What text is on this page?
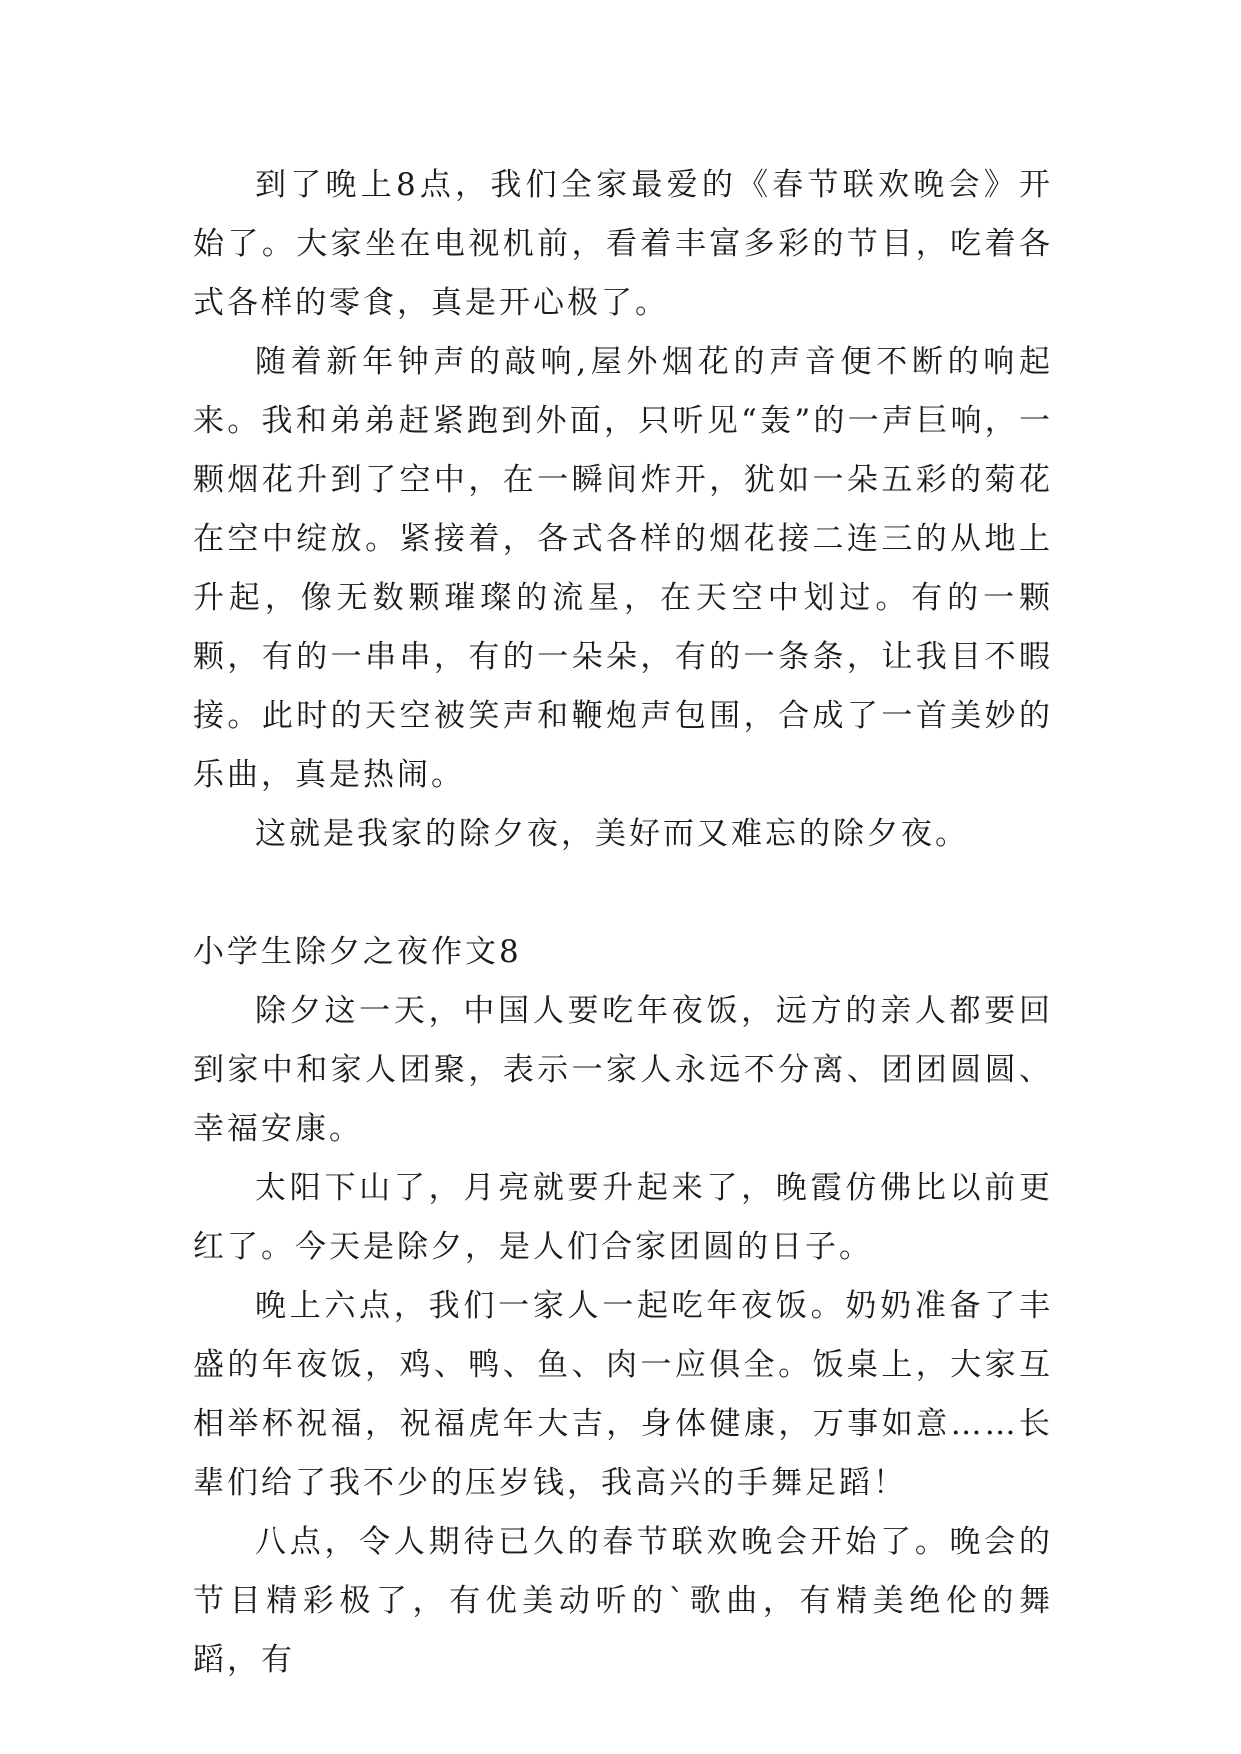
到了晚上8点，我们全家最爱的《春节联欢晚会》开始了。大家坐在电视机前，看着丰富多彩的节目，吃着各式各样的零食，真是开心极了。

随着新年钟声的敲响,屋外烟花的声音便不断的响起来。我和弟弟赶紧跑到外面，只听见“轰”的一声巨响，一颗烟花升到了空中，在一瞬间炸开，犹如一朵五彩的菊花在空中绽放。紧接着，各式各样的烟花接二连三的从地上升起，像无数颗璀璨的流星，在天空中划过。有的一颗颗，有的一串串，有的一朵朵，有的一条条，让我目不暇接。此时的天空被笑声和鞭炮声包围，合成了一首美妙的乐曲，真是热闹。

这就是我家的除夕夜，美好而又难忘的除夕夜。

小学生除夕之夜作文8

除夕这一天，中国人要吃年夜饭，远方的亲人都要回到家中和家人团聚，表示一家人永远不分离、团团圆圆、幸福安康。

太阳下山了，月亮就要升起来了，晚霞仿佛比以前更红了。今天是除夕，是人们合家团圆的日子。

晚上六点，我们一家人一起吃年夜饭。奶奶准备了丰盛的年夜饭，鸡、鸭、鱼、肉一应俱全。饭桌上，大家互相举杯祝福，祝福虎年大吉，身体健康，万事如意……长辈们给了我不少的压岁钱，我高兴的手舞足蹈！

八点，令人期待已久的春节联欢晚会开始了。晚会的节目精彩极了，有优美动听的`歌曲，有精美绝伦的舞蹈，有
